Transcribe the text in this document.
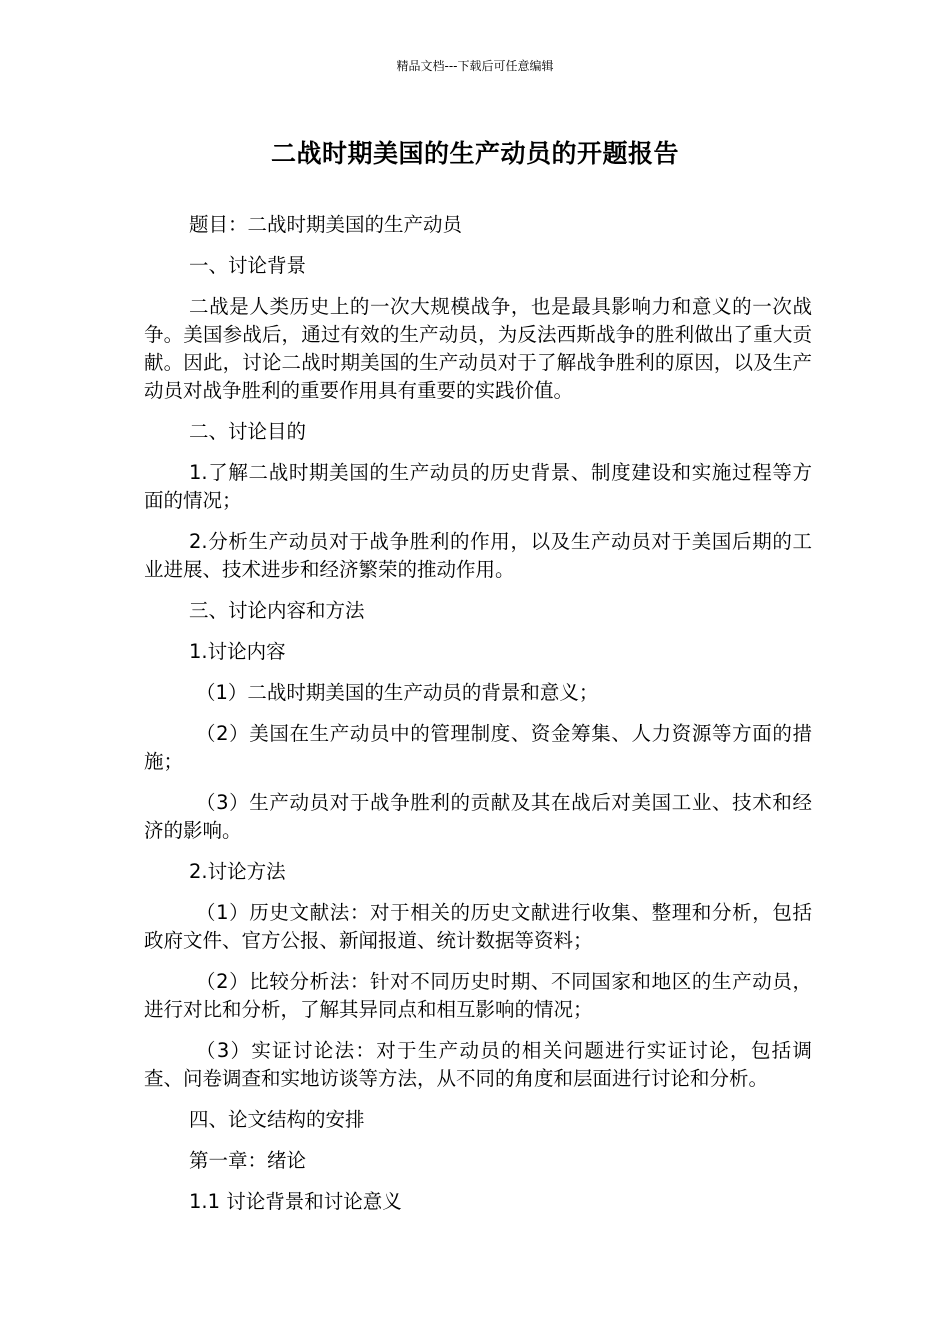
精品文档---下载后可任意编辑
二战时期美国的生产动员的开题报告

题目：二战时期美国的生产动员

一、讨论背景

二战是人类历史上的一次大规模战争，也是最具影响力和意义的一次战争。美国参战后，通过有效的生产动员，为反法西斯战争的胜利做出了重大贡献。因此，讨论二战时期美国的生产动员对于了解战争胜利的原因，以及生产动员对战争胜利的重要作用具有重要的实践价值。

二、讨论目的

1.了解二战时期美国的生产动员的历史背景、制度建设和实施过程等方面的情况；

2.分析生产动员对于战争胜利的作用，以及生产动员对于美国后期的工业进展、技术进步和经济繁荣的推动作用。

三、讨论内容和方法

1.讨论内容

（1）二战时期美国的生产动员的背景和意义；

（2）美国在生产动员中的管理制度、资金筹集、人力资源等方面的措施；

（3）生产动员对于战争胜利的贡献及其在战后对美国工业、技术和经济的影响。

2.讨论方法

（1）历史文献法：对于相关的历史文献进行收集、整理和分析，包括政府文件、官方公报、新闻报道、统计数据等资料；

（2）比较分析法：针对不同历史时期、不同国家和地区的生产动员，进行对比和分析，了解其异同点和相互影响的情况；

（3）实证讨论法：对于生产动员的相关问题进行实证讨论，包括调查、问卷调查和实地访谈等方法，从不同的角度和层面进行讨论和分析。

四、论文结构的安排

第一章：绪论

1.1 讨论背景和讨论意义
